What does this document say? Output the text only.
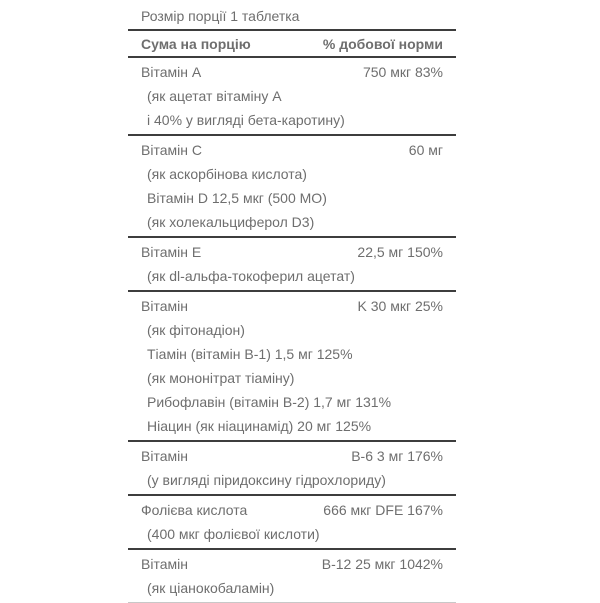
Розмір порції 1 таблетка
Сума на порцію	% добової норми
Вітамін A	750 мкг 83%
(як ацетат вітаміну A
і 40% у вигляді бета-каротину)
Вітамін C	60 мг
(як аскорбінова кислота)
Вітамін D 12,5 мкг (500 МО)
(як холекальциферол D3)
Вітамін E	22,5 мг 150%
(як dl-альфа-токоферил ацетат)
Вітамін	K 30 мкг 25%
(як фітонадіон)
Тіамін (вітамін B-1) 1,5 мг 125%
(як мононітрат тіаміну)
Рибофлавін (вітамін B-2) 1,7 мг 131%
Ніацин (як ніацинамід) 20 мг 125%
Вітамін	B-6 3 мг 176%
(у вигляді піридоксину гідрохлориду)
Фолієва кислота	666 мкг DFE 167%
(400 мкг фолієвої кислоти)
Вітамін	B-12 25 мкг 1042%
(як ціанокобаламін)
